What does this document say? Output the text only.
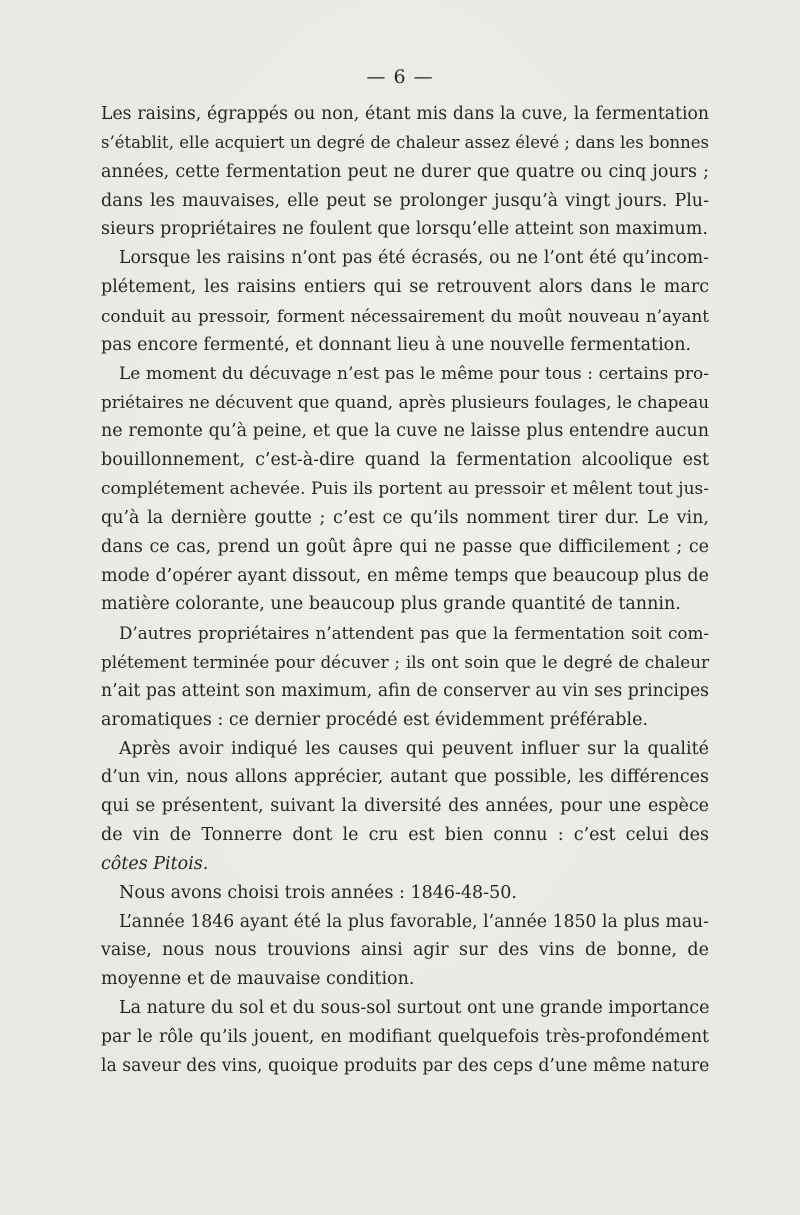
— 6 —
Les raisins, égrappés ou non, étant mis dans la cuve, la fermentation
s’établit, elle acquiert un degré de chaleur assez élevé ; dans les bonnes
années, cette fermentation peut ne durer que quatre ou cinq jours ;
dans les mauvaises, elle peut se prolonger jusqu’à vingt jours. Plu-
sieurs propriétaires ne foulent que lorsqu’elle atteint son maximum.
Lorsque les raisins n’ont pas été écrasés, ou ne l’ont été qu’incom-
plétement, les raisins entiers qui se retrouvent alors dans le marc
conduit au pressoir, forment nécessairement du moût nouveau n’ayant
pas encore fermenté, et donnant lieu à une nouvelle fermentation.
Le moment du décuvage n’est pas le même pour tous : certains pro-
priétaires ne décuvent que quand, après plusieurs foulages, le chapeau
ne remonte qu’à peine, et que la cuve ne laisse plus entendre aucun
bouillonnement, c’est-à-dire quand la fermentation alcoolique est
complétement achevée. Puis ils portent au pressoir et mêlent tout jus-
qu’à la dernière goutte ; c’est ce qu’ils nomment tirer dur. Le vin,
dans ce cas, prend un goût âpre qui ne passe que difficilement ; ce
mode d’opérer ayant dissout, en même temps que beaucoup plus de
matière colorante, une beaucoup plus grande quantité de tannin.
D’autres propriétaires n’attendent pas que la fermentation soit com-
plétement terminée pour décuver ; ils ont soin que le degré de chaleur
n’ait pas atteint son maximum, afin de conserver au vin ses principes
aromatiques : ce dernier procédé est évidemment préférable.
Après avoir indiqué les causes qui peuvent influer sur la qualité
d’un vin, nous allons apprécier, autant que possible, les différences
qui se présentent, suivant la diversité des années, pour une espèce
de vin de Tonnerre dont le cru est bien connu : c’est celui des
côtes Pitois.
Nous avons choisi trois années : 1846-48-50.
L’année 1846 ayant été la plus favorable, l’année 1850 la plus mau-
vaise, nous nous trouvions ainsi agir sur des vins de bonne, de
moyenne et de mauvaise condition.
La nature du sol et du sous-sol surtout ont une grande importance
par le rôle qu’ils jouent, en modifiant quelquefois très-profondément
la saveur des vins, quoique produits par des ceps d’une même nature
